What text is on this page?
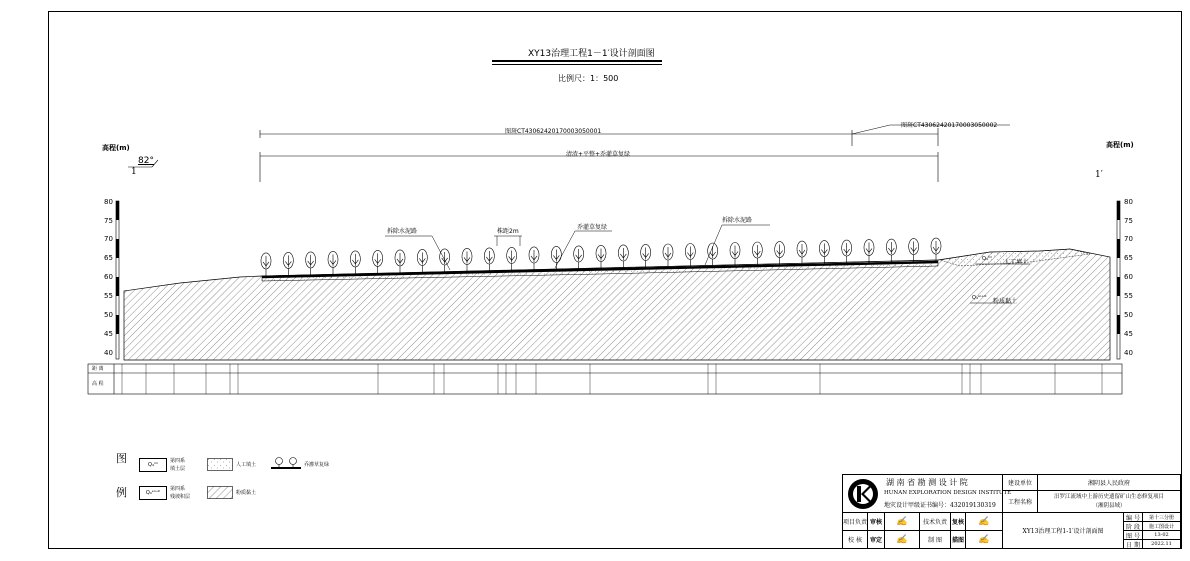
XY13治理工程1－1′设计剖面图
比例尺：1：500
图斑CT43062420170003050001
图斑CT43062420170003050002
清渣+平整+乔灌草复绿
高程(m)	高程(m)
82°
1	1′
80
75
70
65
60
55
50
45
40
80
75
70
65
60
55
50
45
40
拆除水泥路	株距2m
乔灌草复绿
拆除水泥路
Q₄ᵐˡ 人工填土
Q₄ᵉˡ⁺ᵈˡ 粉质黏土
距 离
高 程
图
例
Q₄ᵐˡ
第四系
填土层
人工填土	乔灌草复绿
Q₄ᵉˡ⁺ᵈˡ
第四系
残坡积层
粉质黏土
湖 南 省 勘 测 设 计 院
HUNAN EXPLORATION DESIGN INSTITUTE
地灾设计甲级证书编号：432019130319
建设单位	湘阴县人民政府
工程名称
汨罗江流域中上游历史遗留矿山生态修复项目
（湘阴县域）
项目负责 审核	✍	技术负责 复核	✍
校 核	审定	✍	制 图	描图	✍
XY13治理工程1-1′设计剖面图
编 号	第十三分册
阶 段	施工图设计
图 号	13-02
日 期	2022.11
